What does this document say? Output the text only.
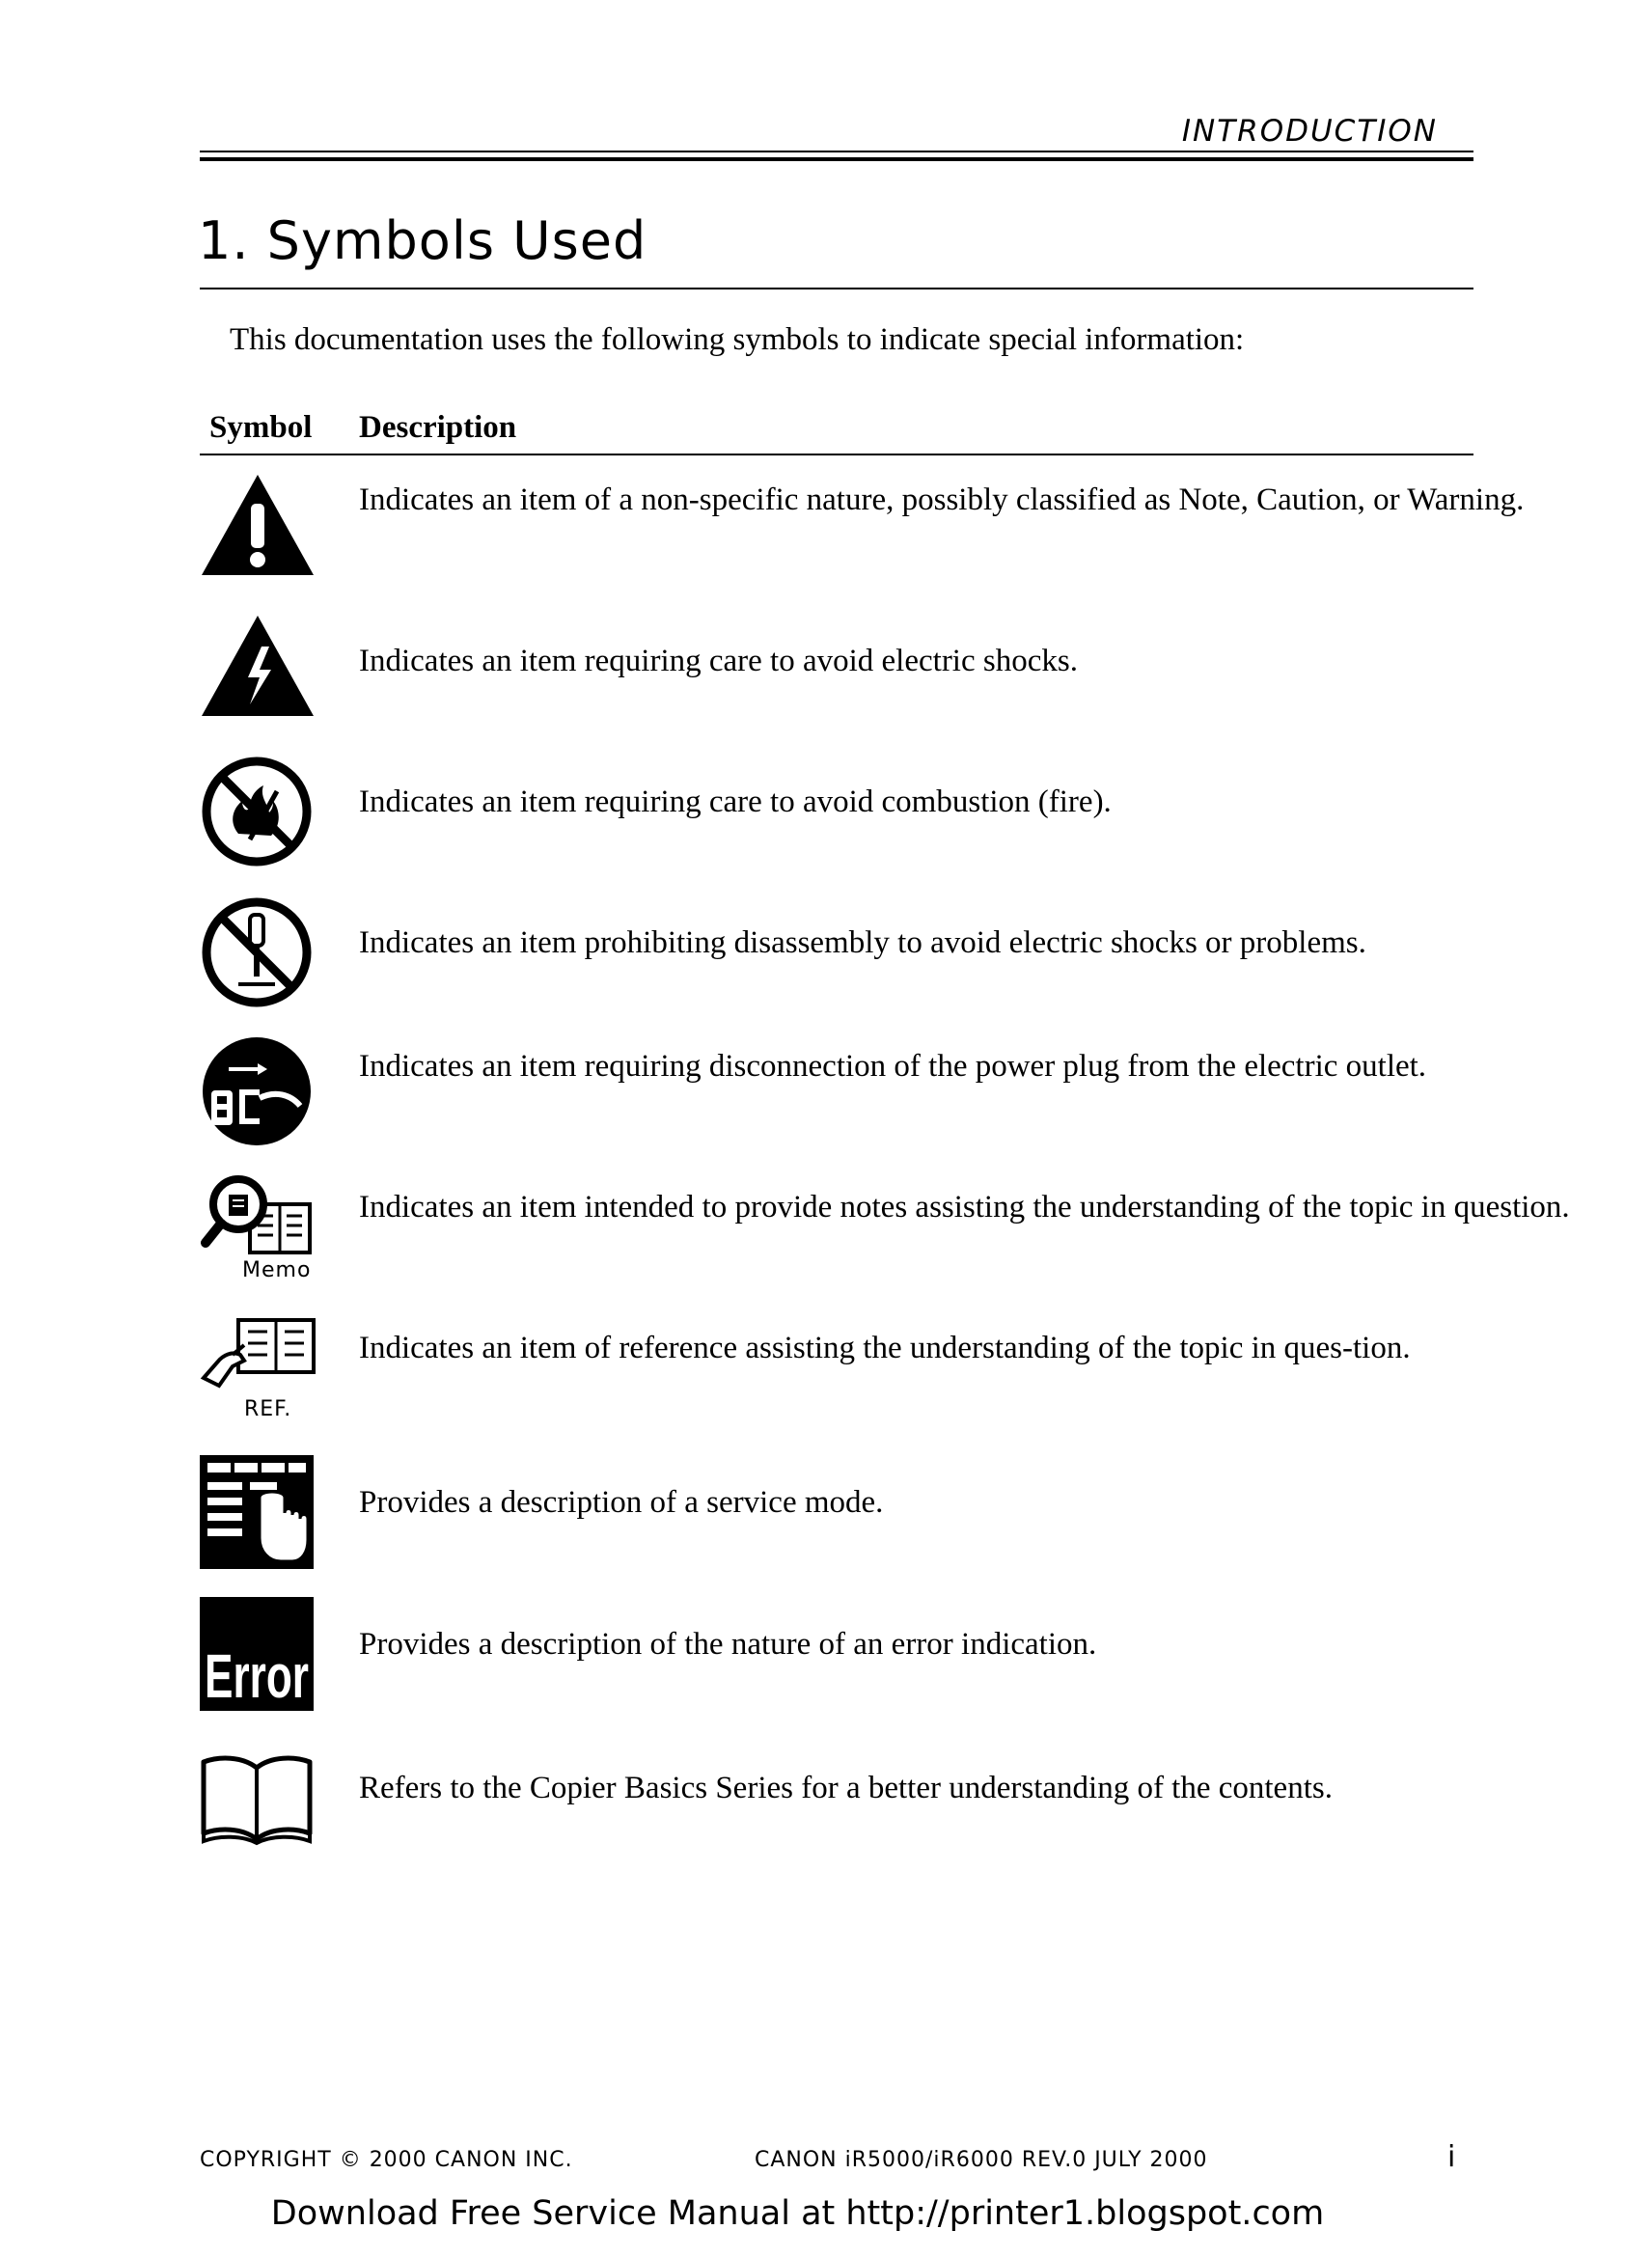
INTRODUCTION
1. Symbols Used
This documentation uses the following symbols to indicate special information:
Symbol Description
Indicates an item of a non-specific nature, possibly classified as Note, Caution, or Warning.
Indicates an item requiring care to avoid electric shocks.
Indicates an item requiring care to avoid combustion (fire).
Indicates an item prohibiting disassembly to avoid electric shocks or problems.
Indicates an item requiring disconnection of the power plug from the electric outlet.
Memo
Indicates an item intended to provide notes assisting the understanding of the topic in question.
REF.
Indicates an item of reference assisting the understanding of the topic in ques-tion.
Provides a description of a service mode.
Error Provides a description of the nature of an error indication.
Refers to the Copier Basics Series for a better understanding of the contents.
COPYRIGHT © 2000 CANON INC.	CANON iR5000/iR6000 REV.0 JULY 2000	i
Download Free Service Manual at http://printer1.blogspot.com
